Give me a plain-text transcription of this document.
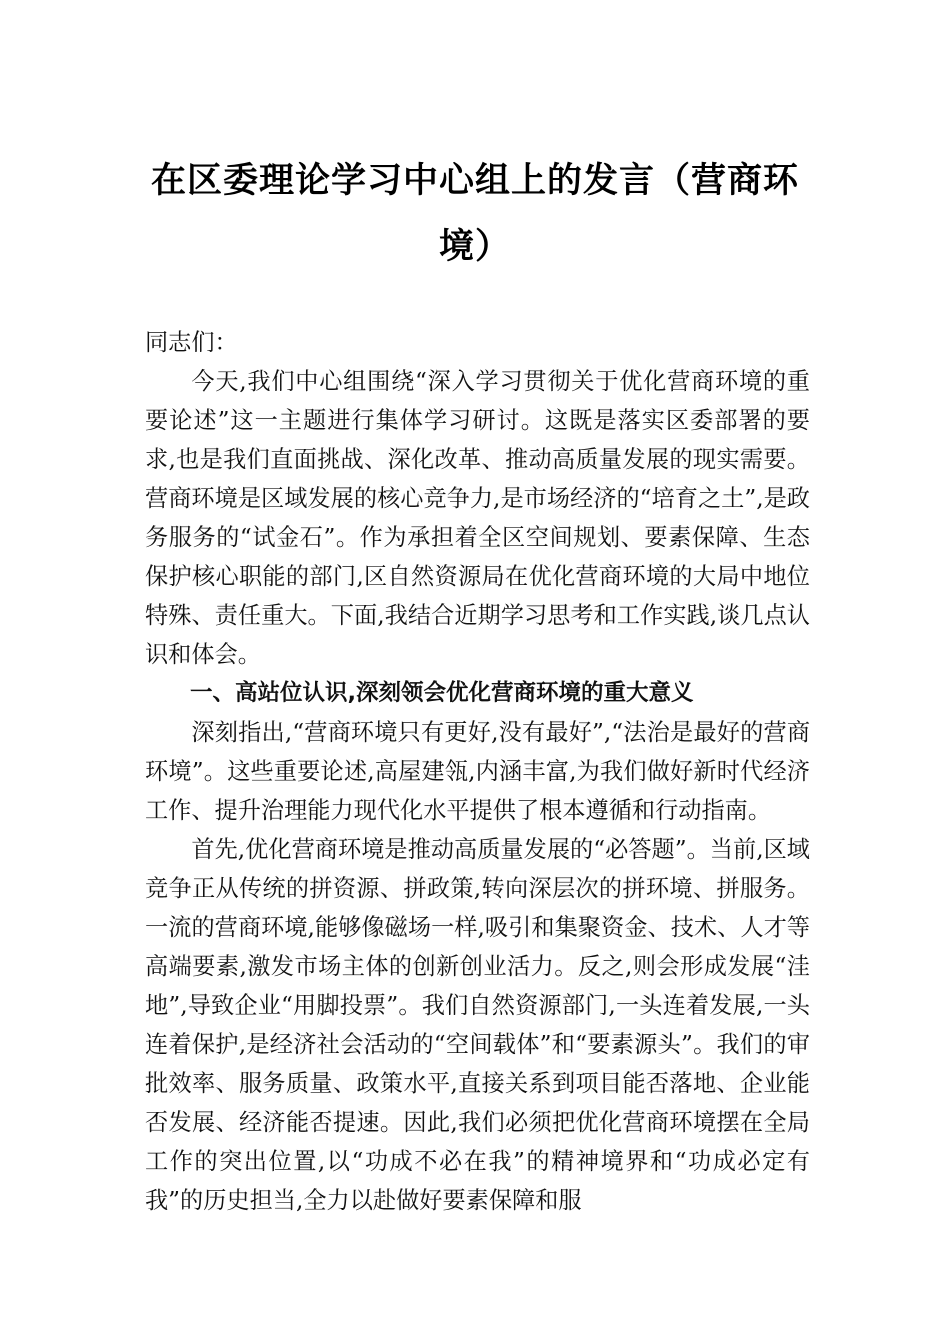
在区委理论学习中心组上的发言（营商环境）

同志们：

今天,我们中心组围绕“深入学习贯彻关于优化营商环境的重要论述”这一主题进行集体学习研讨。这既是落实区委部署的要求,也是我们直面挑战、深化改革、推动高质量发展的现实需要。营商环境是区域发展的核心竞争力,是市场经济的“培育之土”,是政务服务的“试金石”。作为承担着全区空间规划、要素保障、生态保护核心职能的部门,区自然资源局在优化营商环境的大局中地位特殊、责任重大。下面,我结合近期学习思考和工作实践,谈几点认识和体会。

一、高站位认识,深刻领会优化营商环境的重大意义

深刻指出,“营商环境只有更好,没有最好”,“法治是最好的营商环境”。这些重要论述,高屋建瓴,内涵丰富,为我们做好新时代经济工作、提升治理能力现代化水平提供了根本遵循和行动指南。

首先,优化营商环境是推动高质量发展的“必答题”。当前,区域竞争正从传统的拼资源、拼政策,转向深层次的拼环境、拼服务。一流的营商环境,能够像磁场一样,吸引和集聚资金、技术、人才等高端要素,激发市场主体的创新创业活力。反之,则会形成发展“洼地”,导致企业“用脚投票”。我们自然资源部门,一头连着发展,一头连着保护,是经济社会活动的“空间载体”和“要素源头”。我们的审批效率、服务质量、政策水平,直接关系到项目能否落地、企业能否发展、经济能否提速。因此,我们必须把优化营商环境摆在全局工作的突出位置,以“功成不必在我”的精神境界和“功成必定有我”的历史担当,全力以赴做好要素保障和服
